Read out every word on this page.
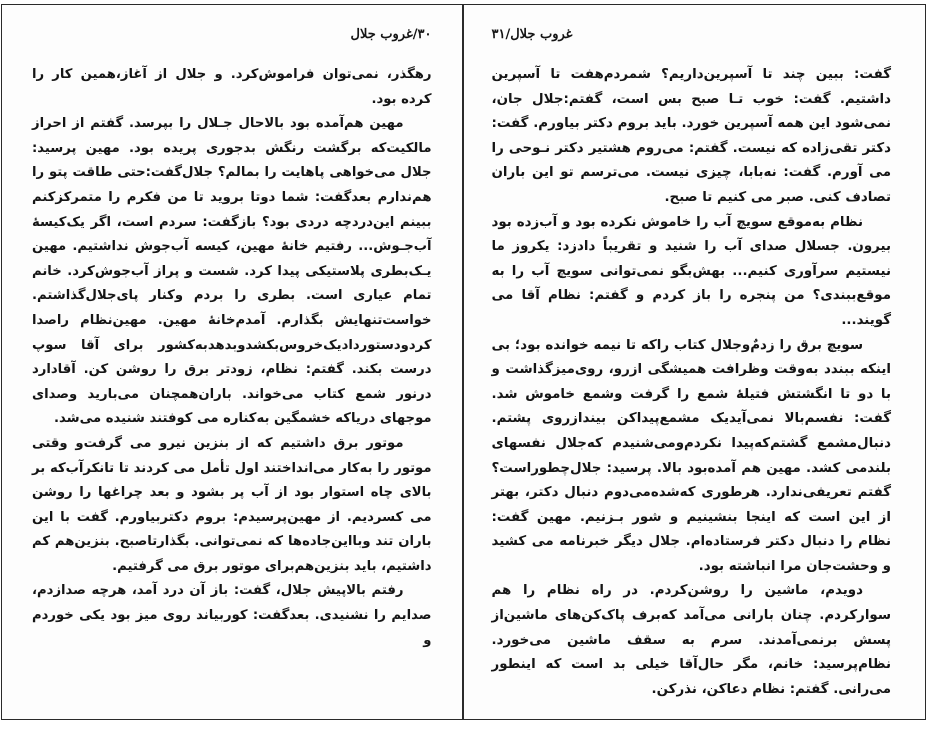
۳۰/غروب جلال

رهگذر، نمی‌توان فراموش‌کرد. و جلال از آغاز،همین کار را کرده بود.

مهین هم‌آمده بود بالاحال جـلال را بپرسد. گفتم از احراز مالکیت‌که برگشت رنگش بدجوری پریده بود. مهین پرسید: جلال می‌خواهی پاهایت را بمالم؟ جلال‌گفت:حتی طاقت پتو را هم‌ندارم بعدگفت: شما دوتا بروید تا من فکرم را متمرکزکنم ببینم این‌دردچه دردی بود؟ بازگفت: سردم است، اگر یک‌کیسهٔ آب‌جـوش... رفتیم خانهٔ مهین، کیسه آب‌جوش نداشتیم. مهین یـک‌بطری پلاستیکی پیدا کرد. شست و پراز آب‌جوش‌کرد. خانم تمام عیاری است. بطری را بردم وکنار پای‌جلال‌گذاشتم. خواست‌تنهایش بگذارم. آمدم‌خانهٔ مهین. مهین‌نظام راصدا کردودستورداد‌یک‌خروس‌بکشدوبدهدبه‌کشور برای آقا سوپ درست بکند. گفتم: نظام، زودتر برق را روشن کن. آقادارد درنور شمع کتاب می‌خواند. باران‌همچنان می‌بارید وصدای موجهای دریاکه خشمگین به‌کناره می کوفتند شنیده می‌شد.

موتور برق داشتیم که از بنزین نیرو می گرفت‌و وقتی موتور را به‌کار می‌انداختند اول تأمل می کردند تا تانکرآب‌که بر بالای چاه استوار بود از آب پر بشود و بعد چراغها را روشن می کسردیم. از مهین‌پرسیدم: بروم دکتربیاورم. گفت با این باران تند وبااین‌جاده‌ها که نمی‌توانی. بگذارتاصبح. بنزین‌هم کم داشتیم، باید بنزین‌هم‌برای موتور برق می گرفتیم.

رفتم بالاپیش جلال، گفت: باز آن درد آمد، هرچه صدازدم، صدایم را نشنیدی. بعدگفت: کوربیاند روی میز بود یکی خوردم و

غروب جلال/۳۱

گفت: ببین چند تا آسپرین‌داریم؟ شمردم‌هفت تا آسپرین داشتیم. گفت: خوب تـا صبح بس است، گفتم:جلال جان، نمی‌شود این همه آسپرین خورد. باید بروم دکتر بیاورم. گفت: دکتر تقی‌زاده که نیست. گفتم: می‌روم هشتیر دکتر نـوحی را می آورم. گفت: نه‌بابا، چیزی نیست. می‌ترسم تو این باران تصادف کنی. صبر می کنیم تا صبح.

نظام به‌موقع سویچ آب را خاموش نکرده بود و آب‌زده بود بیرون. جسلال صدای آب را شنید و تقریباً دادزد: یکروز ما نیستیم سرآوری کنیم... بهش‌بگو نمی‌توانی سویچ آب را به موقع‌ببندی؟ من پنجره را باز کردم و گفتم: نظام آقا می گویند...

سویچ برق را زدم‌ٌوجلال کتاب راکه تا نیمه خوانده بود؛ بی اینکه ببندد به‌وقت وظرافت همیشگی ازرو، روی‌میزگذاشت و با دو تا انگشتش فتیلهٔ شمع را گرفت وشمع خاموش شد. گفت: نفسم‌بالا نمی‌آید‌یک مشمع‌پیداکن بینداز‌روی پشتم. دنبال‌مشمع گشتم‌که‌پیدا نکردم‌و‌می‌شنیدم که‌جلال نفسهای بلندمی کشد. مهین هم آمده‌بود بالا. پرسید: جلال‌چطوراست؟گفتم تعریفی‌ندارد. هرطوری که‌شده‌می‌دوم دنبال دکتر، بهتر از این است که اینجا بنشینیم و شور بـزنیم. مهین گفت: نظام را دنبال دکتر فرستاده‌ام. جلال دیگر خبرنامه می کشید و وحشت‌جان مرا انباشته بود.

دویدم، ماشین را روشن‌کردم. در راه نظام را هم سوارکردم. چنان بارانی می‌آمد که‌برف پاک‌کن‌های ماشین‌از پسش برنمی‌آمدند. سرم به سقف ماشین می‌خورد. نظام‌پرسید: خانم، مگر حال‌آقا خیلی بد است که اینطور می‌رانی. گفتم: نظام دعاکن، نذرکن.
